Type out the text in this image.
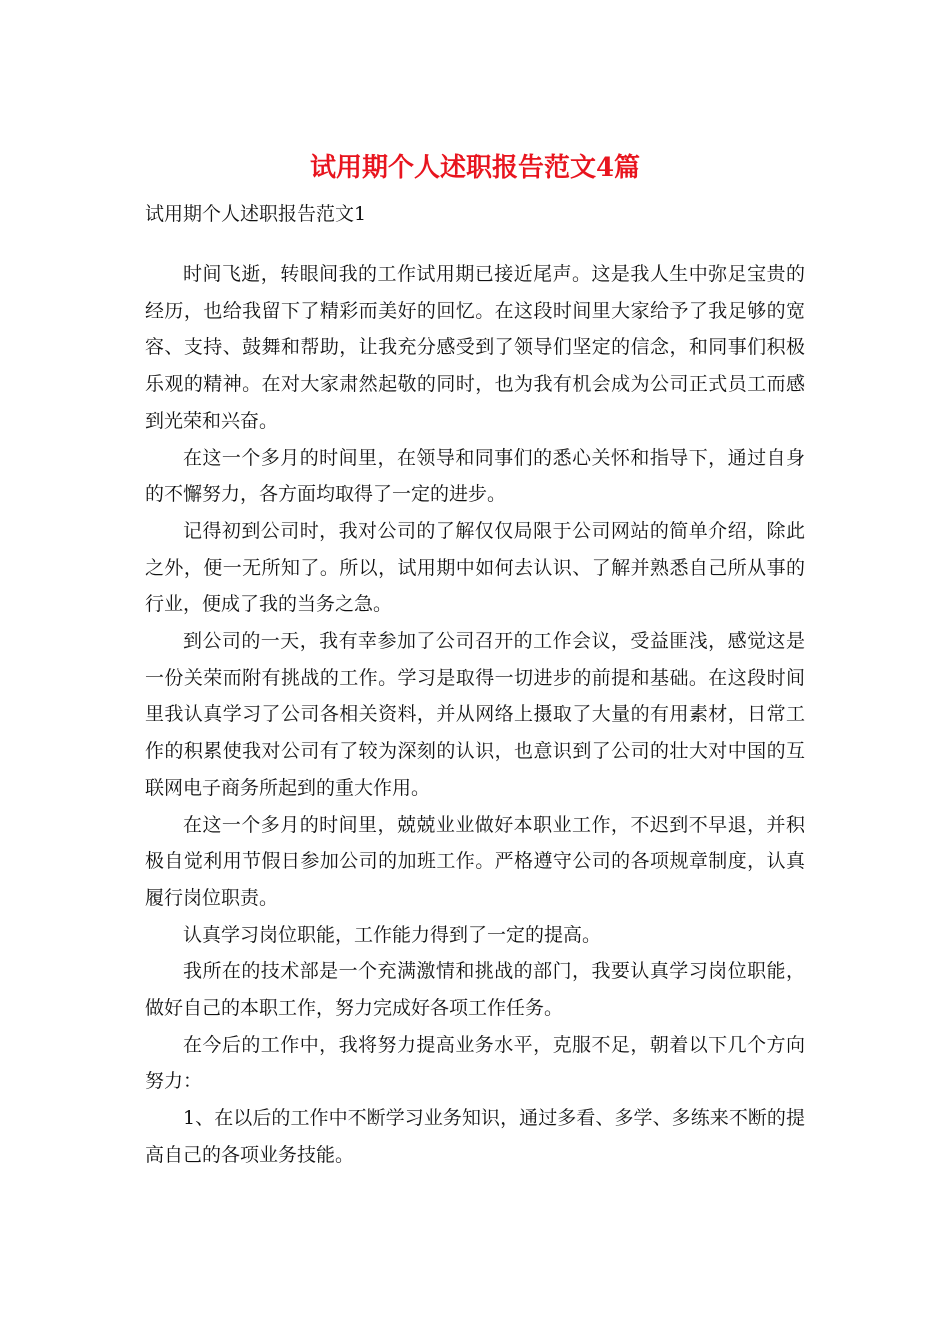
试用期个人述职报告范文4篇
试用期个人述职报告范文1

时间飞逝，转眼间我的工作试用期已接近尾声。这是我人生中弥足宝贵的经历，也给我留下了精彩而美好的回忆。在这段时间里大家给予了我足够的宽容、支持、鼓舞和帮助，让我充分感受到了领导们坚定的信念，和同事们积极乐观的精神。在对大家肃然起敬的同时，也为我有机会成为公司正式员工而感到光荣和兴奋。

在这一个多月的时间里，在领导和同事们的悉心关怀和指导下，通过自身的不懈努力，各方面均取得了一定的进步。

记得初到公司时，我对公司的了解仅仅局限于公司网站的简单介绍，除此之外，便一无所知了。所以，试用期中如何去认识、了解并熟悉自己所从事的行业，便成了我的当务之急。

到公司的一天，我有幸参加了公司召开的工作会议，受益匪浅，感觉这是一份关荣而附有挑战的工作。学习是取得一切进步的前提和基础。在这段时间里我认真学习了公司各相关资料，并从网络上摄取了大量的有用素材，日常工作的积累使我对公司有了较为深刻的认识，也意识到了公司的壮大对中国的互联网电子商务所起到的重大作用。

在这一个多月的时间里，兢兢业业做好本职业工作，不迟到不早退，并积极自觉利用节假日参加公司的加班工作。严格遵守公司的各项规章制度，认真履行岗位职责。

认真学习岗位职能，工作能力得到了一定的提高。

我所在的技术部是一个充满激情和挑战的部门，我要认真学习岗位职能，做好自己的本职工作，努力完成好各项工作任务。

在今后的工作中，我将努力提高业务水平，克服不足，朝着以下几个方向努力：

1、在以后的工作中不断学习业务知识，通过多看、多学、多练来不断的提高自己的各项业务技能。
